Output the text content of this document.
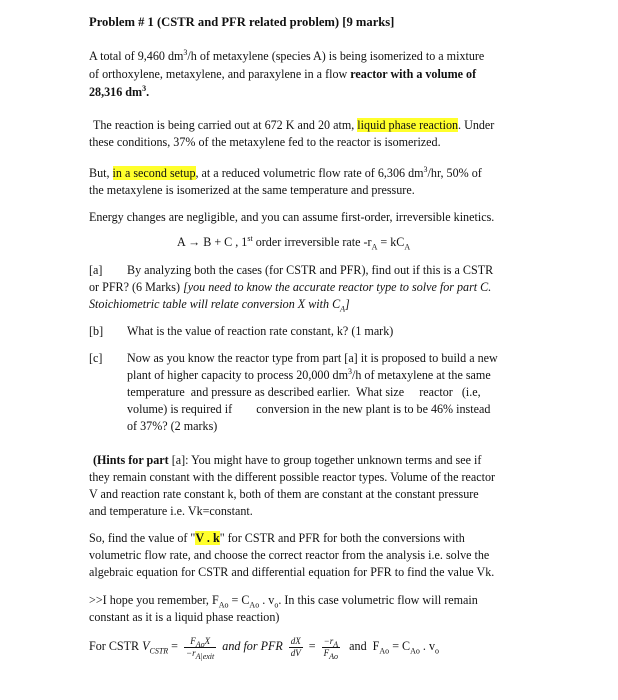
Problem # 1 (CSTR and PFR related problem) [9 marks]
A total of 9,460 $dm^3/h$ of metaxylene (species A) is being isomerized to a mixture
of orthoxylene, metaxylene, and paraxylene in a flow reactor with a volume of
28,316 $dm^3$.
The reaction is being carried out at 672 K and 20 atm, liquid phase reaction. Under
these conditions, 37% of the metaxylene fed to the reactor is isomerized.
But, in a second setup, at a reduced volumetric flow rate of 6,306 $dm^3/hr$, 50% of
the metaxylene is isomerized at the same temperature and pressure.
Energy changes are negligible, and you can assume first-order, irreversible kinetics.
A → B + C , 1st order irreversible rate $-r_A = kC_A$
[a] By analyzing both the cases (for CSTR and PFR), find out if this is a CSTR
or PFR? (6 Marks) [you need to know the accurate reactor type to solve for part C.
Stoichiometric table will relate conversion X with $C_A$]
[b] What is the value of reaction rate constant, k? (1 mark)
[c] Now as you know the reactor type from part [a] it is proposed to build a new
plant of higher capacity to process 20,000 $dm^3/h$ of metaxylene at the same
temperature  and pressure as described earlier.  What size     reactor   (i.e,
volume) is required if        conversion in the new plant is to be 46% instead
of 37%? (2 marks)
(Hints for part [a]: You might have to group together unknown terms and see if
they remain constant with the different possible reactor types. Volume of the reactor
V and reaction rate constant k, both of them are constant at the constant pressure
and temperature i.e. Vk=constant.
So, find the value of "V . k" for CSTR and PFR for both the conversions with
volumetric flow rate, and choose the correct reactor from the analysis i.e. solve the
algebraic equation for CSTR and differential equation for PFR to find the value Vk.
>>I hope you remember, $F_{Ao} = C_{Ao}$ . $v_o$. In this case volumetric flow will remain
constant as it is a liquid phase reaction)
For CSTR $V_{CSTR} = \frac{\text{FAoX}}{\text{−rA|exit}}$ and for PFR $\frac{dX}{dV} = \frac{-rA}{\text{FAo}}$ and  $F_{Ao} = C_{Ao}$ . $v_o$
